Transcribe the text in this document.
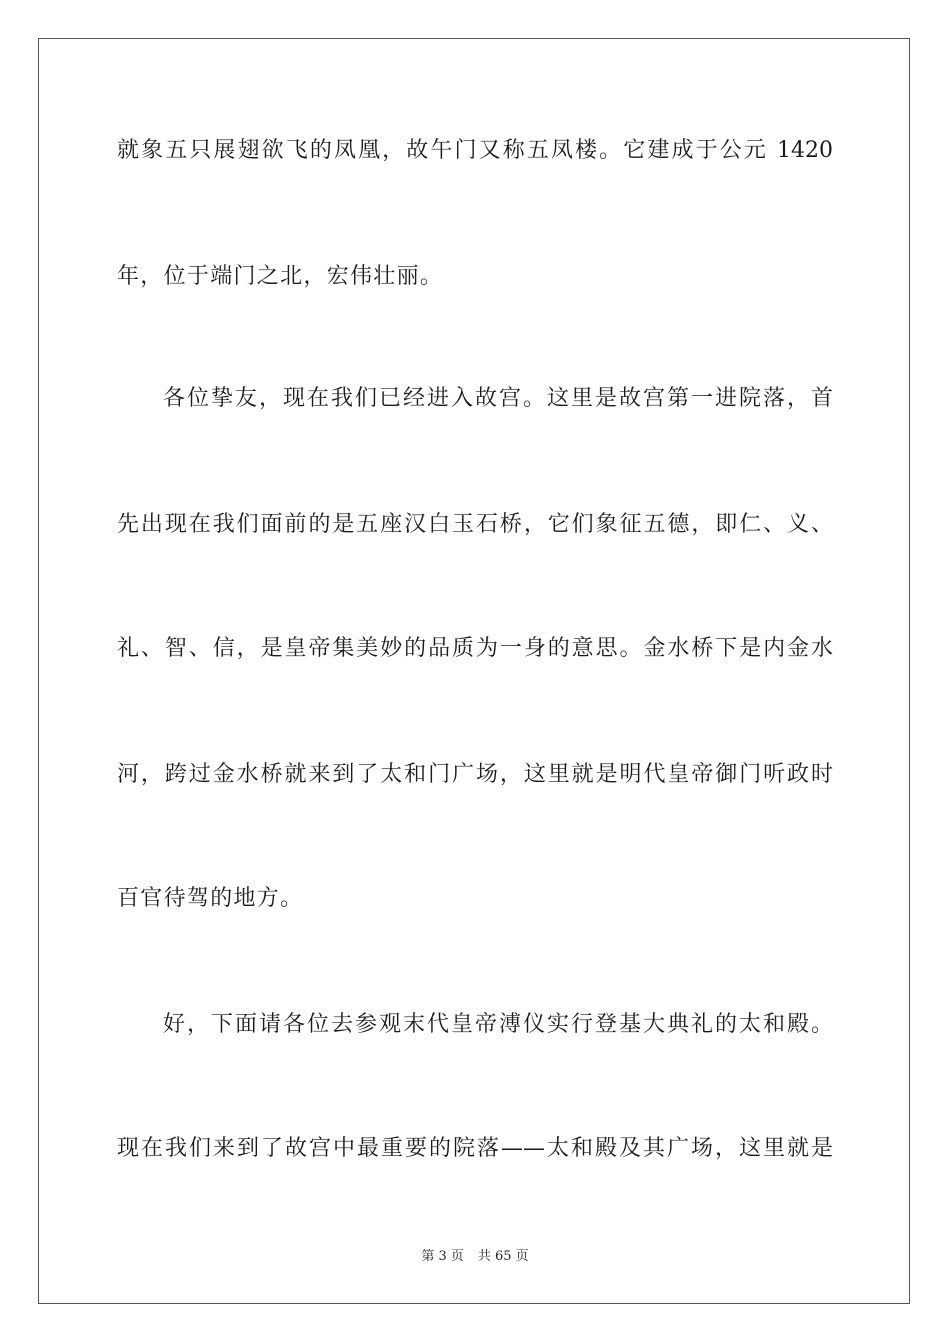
就象五只展翅欲飞的凤凰，故午门又称五凤楼。它建成于公元 1420
年，位于端门之北，宏伟壮丽。
各位挚友，现在我们已经进入故宫。这里是故宫第一进院落，首
先出现在我们面前的是五座汉白玉石桥，它们象征五德，即仁、义、
礼、智、信，是皇帝集美妙的品质为一身的意思。金水桥下是内金水
河，跨过金水桥就来到了太和门广场，这里就是明代皇帝御门听政时
百官待驾的地方。
好，下面请各位去参观末代皇帝溥仪实行登基大典礼的太和殿。
现在我们来到了故宫中最重要的院落——太和殿及其广场，这里就是
第 3 页 共 65 页
